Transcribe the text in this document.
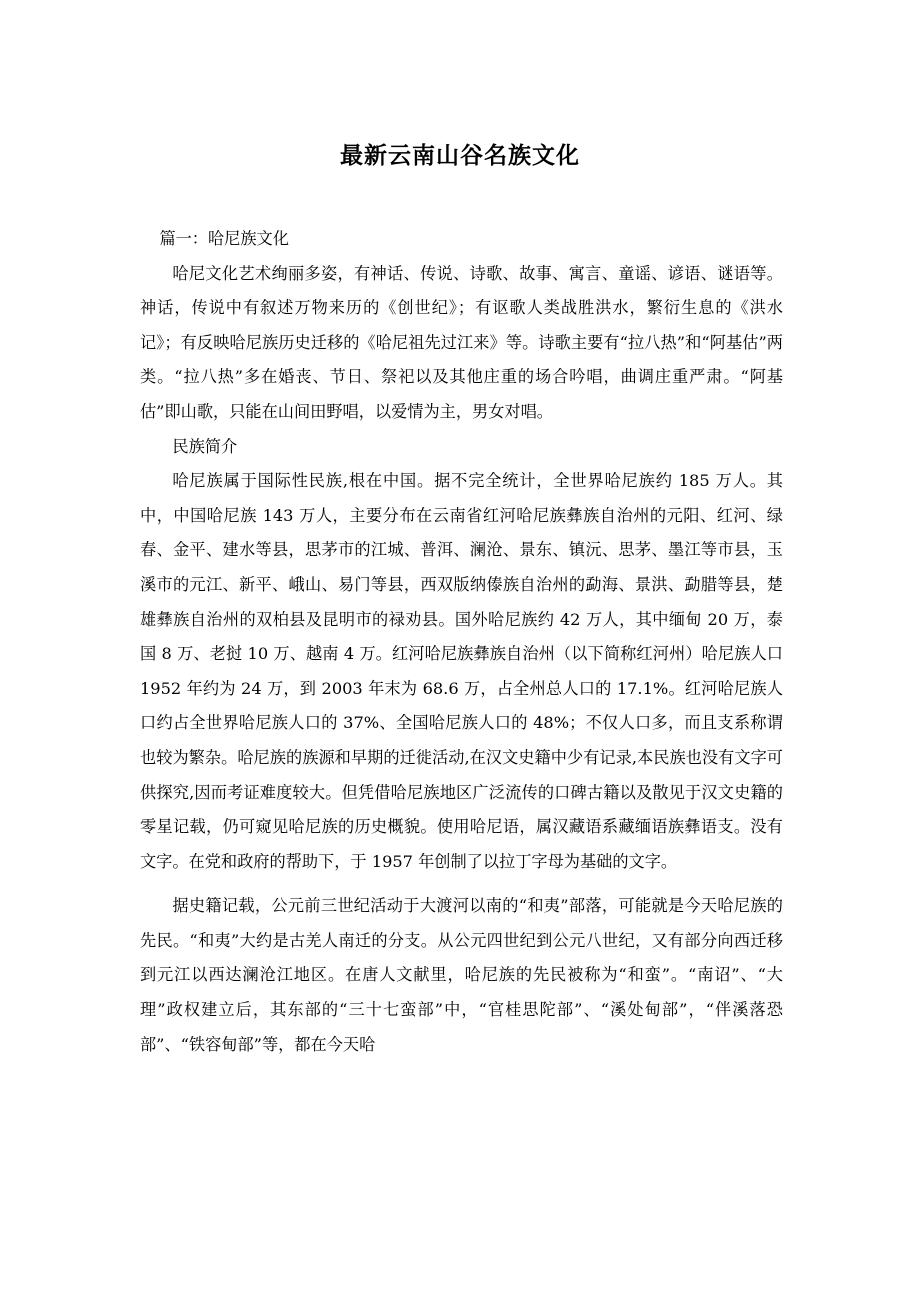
最新云南山谷名族文化

篇一：哈尼族文化

哈尼文化艺术绚丽多姿，有神话、传说、诗歌、故事、寓言、童谣、谚语、谜语等。神话，传说中有叙述万物来历的《创世纪》；有讴歌人类战胜洪水，繁衍生息的《洪水记》；有反映哈尼族历史迁移的《哈尼祖先过江来》等。诗歌主要有“拉八热”和“阿基估”两类。“拉八热”多在婚丧、节日、祭祀以及其他庄重的场合吟唱，曲调庄重严肃。“阿基估”即山歌，只能在山间田野唱，以爱情为主，男女对唱。

民族简介

哈尼族属于国际性民族,根在中国。据不完全统计，全世界哈尼族约 185 万人。其中，中国哈尼族 143 万人，主要分布在云南省红河哈尼族彝族自治州的元阳、红河、绿春、金平、建水等县，思茅市的江城、普洱、澜沧、景东、镇沅、思茅、墨江等市县，玉溪市的元江、新平、峨山、易门等县，西双版纳傣族自治州的勐海、景洪、勐腊等县，楚雄彝族自治州的双柏县及昆明市的禄劝县。国外哈尼族约 42 万人，其中缅甸 20 万，泰国 8 万、老挝 10 万、越南 4 万。红河哈尼族彝族自治州（以下简称红河州）哈尼族人口 1952 年约为 24 万，到 2003 年末为 68.6 万，占全州总人口的 17.1%。红河哈尼族人口约占全世界哈尼族人口的 37%、全国哈尼族人口的 48%；不仅人口多，而且支系称谓也较为繁杂。哈尼族的族源和早期的迁徙活动,在汉文史籍中少有记录,本民族也没有文字可供探究,因而考证难度较大。但凭借哈尼族地区广泛流传的口碑古籍以及散见于汉文史籍的零星记载，仍可窥见哈尼族的历史概貌。使用哈尼语，属汉藏语系藏缅语族彝语支。没有文字。在党和政府的帮助下，于 1957 年创制了以拉丁字母为基础的文字。

据史籍记载，公元前三世纪活动于大渡河以南的“和夷”部落，可能就是今天哈尼族的先民。“和夷”大约是古羌人南迁的分支。从公元四世纪到公元八世纪，又有部分向西迁移到元江以西达澜沧江地区。在唐人文献里，哈尼族的先民被称为“和蛮”。“南诏”、“大理”政权建立后，其东部的“三十七蛮部”中，“官桂思陀部”、“溪处甸部”，“伴溪落恐部”、“铁容甸部”等，都在今天哈
